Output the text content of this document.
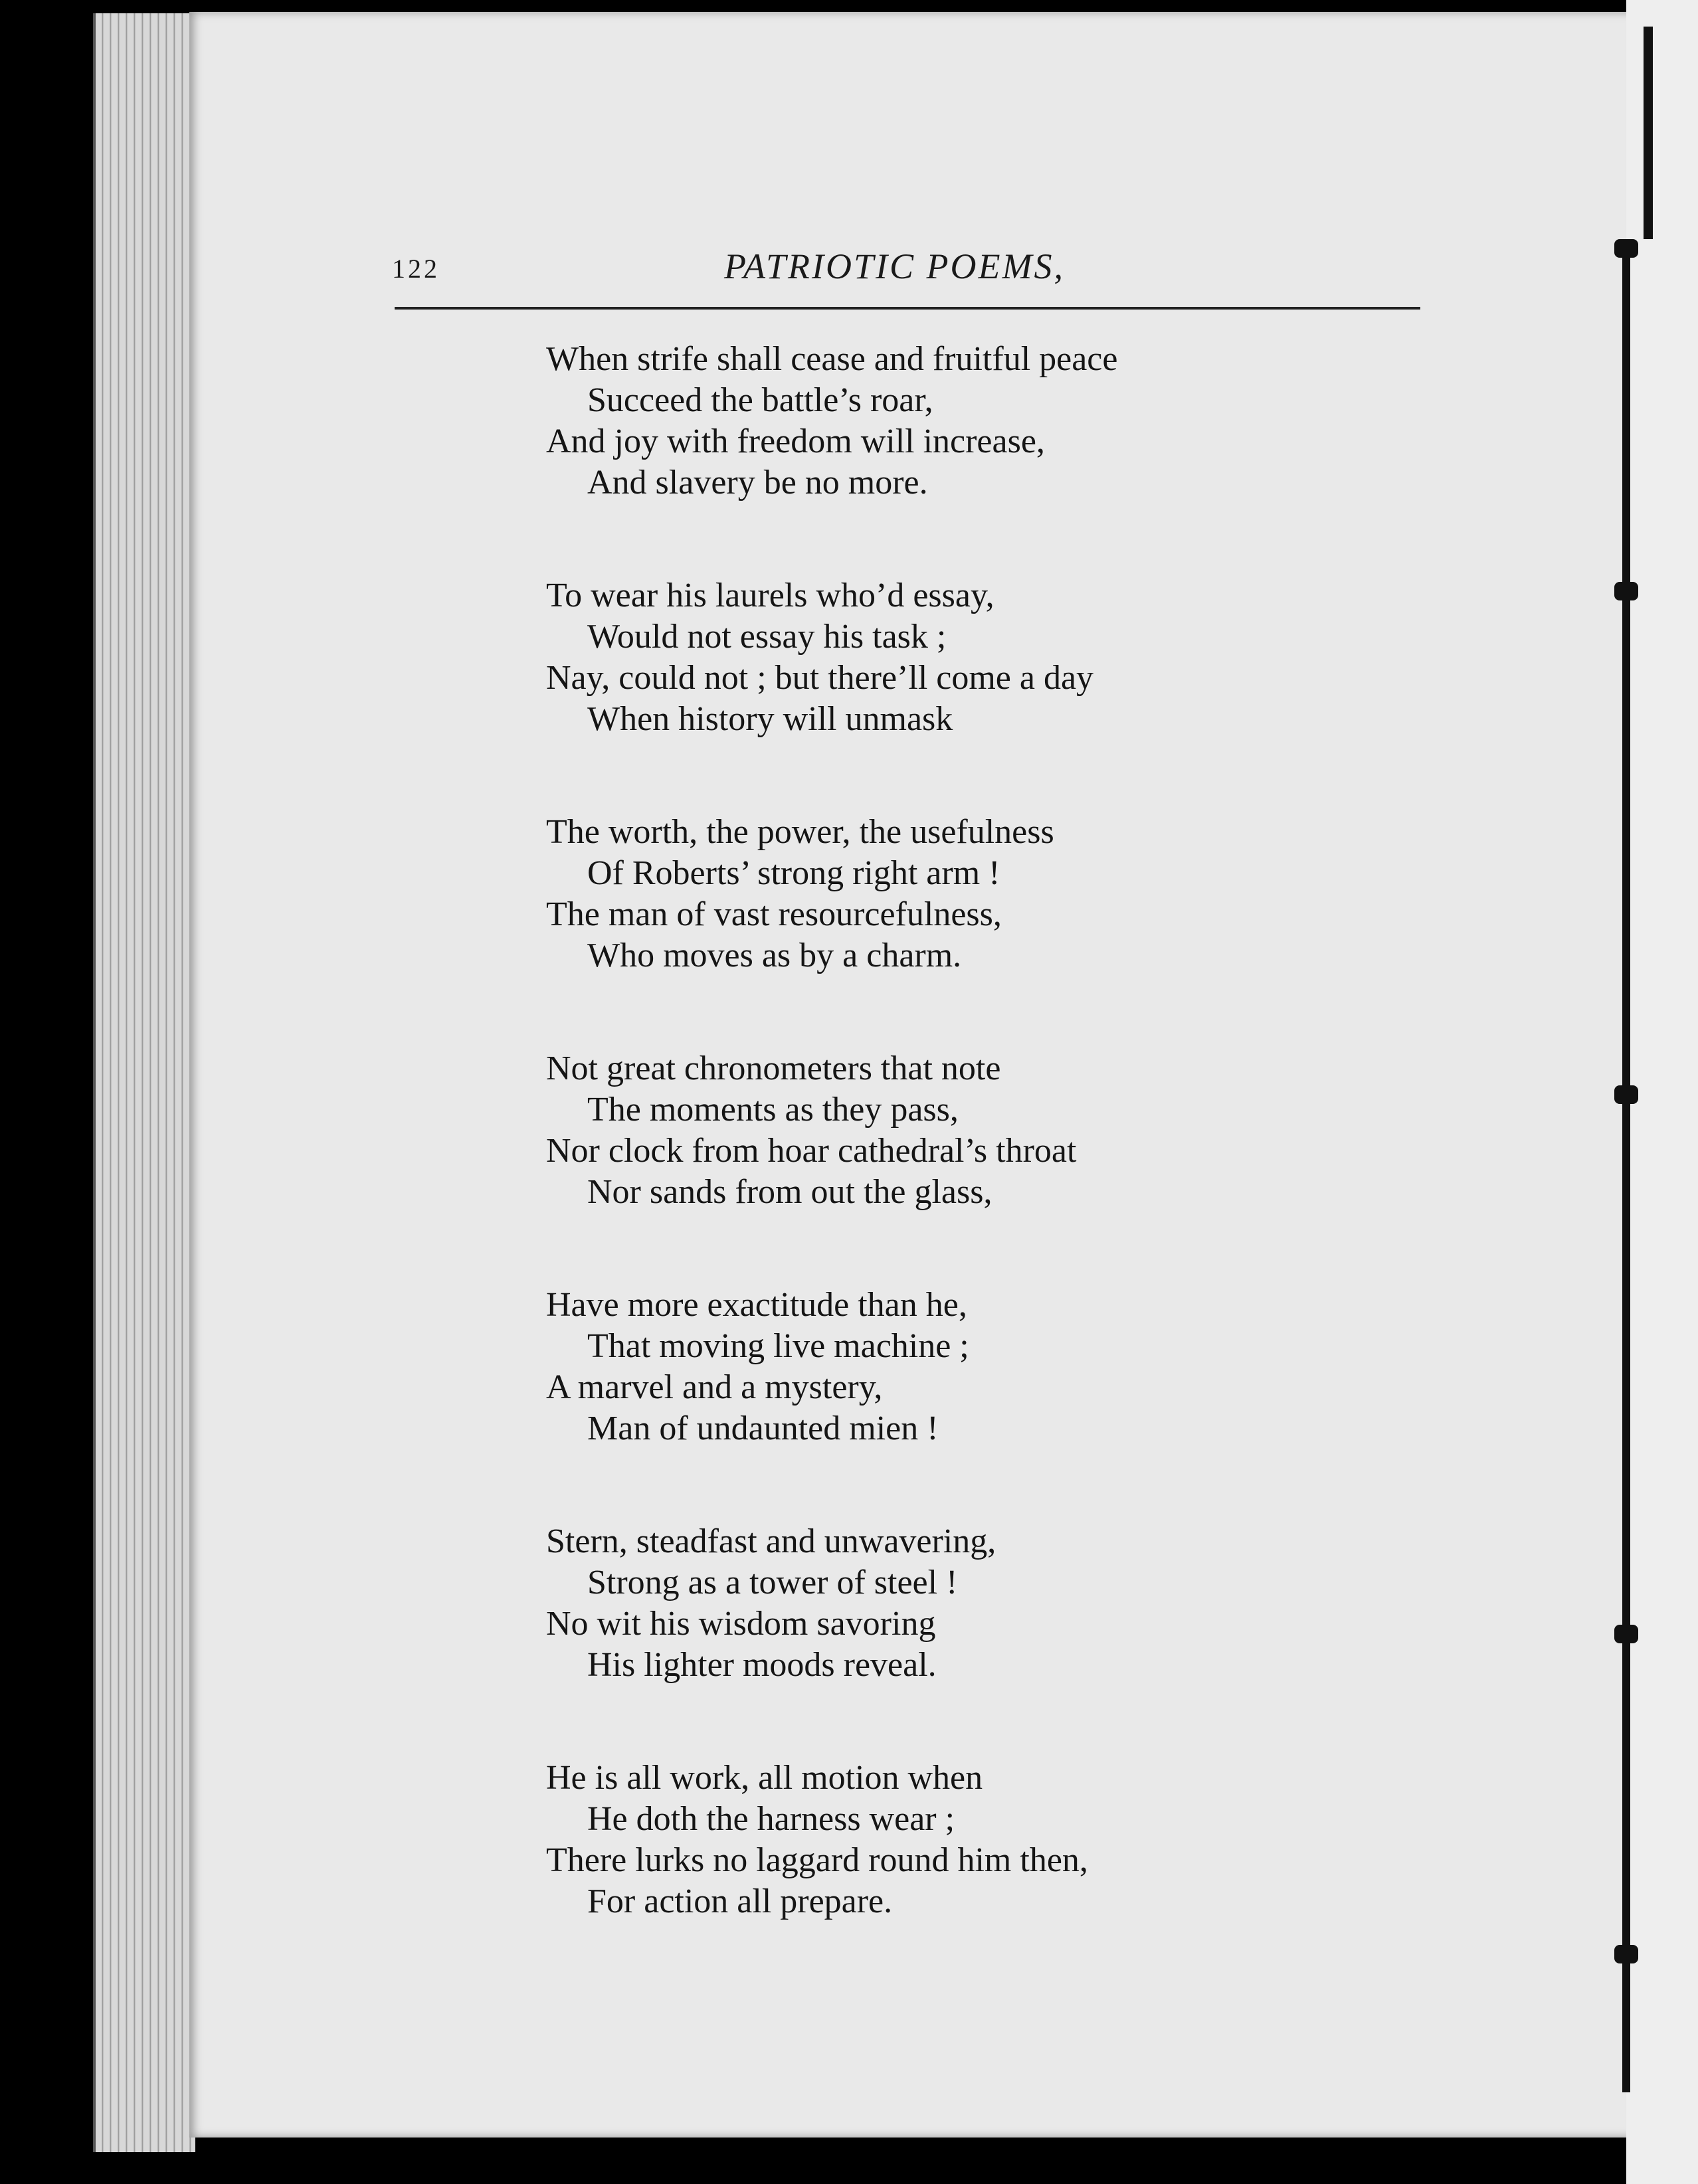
122	PATRIOTIC POEMS,
When strife shall cease and fruitful peace
Succeed the battle’s roar,
And joy with freedom will increase,
And slavery be no more.
To wear his laurels who’d essay,
Would not essay his task ;
Nay, could not ; but there’ll come a day
When history will unmask
The worth, the power, the usefulness
Of Roberts’ strong right arm !
The man of vast resourcefulness,
Who moves as by a charm.
Not great chronometers that note
The moments as they pass,
Nor clock from hoar cathedral’s throat
Nor sands from out the glass,
Have more exactitude than he,
That moving live machine ;
A marvel and a mystery,
Man of undaunted mien !
Stern, steadfast and unwavering,
Strong as a tower of steel !
No wit his wisdom savoring
His lighter moods reveal.
He is all work, all motion when
He doth the harness wear ;
There lurks no laggard round him then,
For action all prepare.
